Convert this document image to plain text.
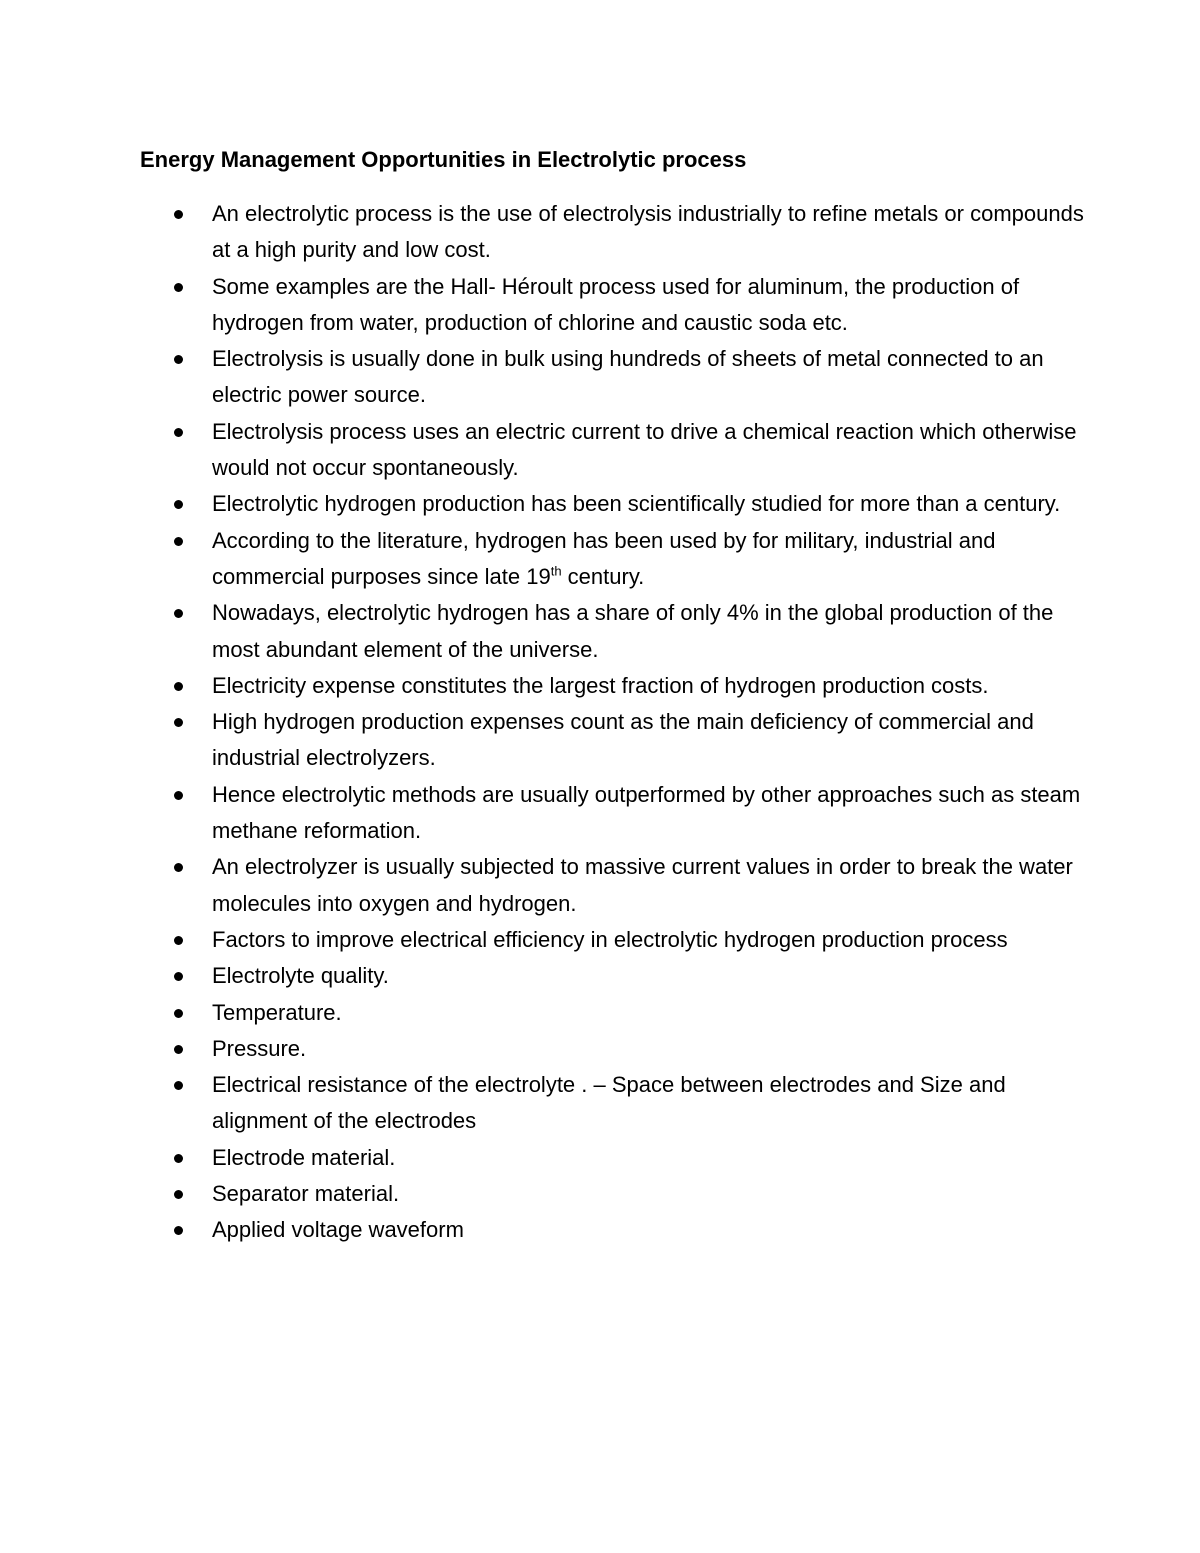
Energy Management Opportunities in Electrolytic process
An electrolytic process is the use of electrolysis industrially to refine metals or compounds at a high purity and low cost.
Some examples are the Hall- Héroult process used for aluminum, the production of hydrogen from water, production of chlorine and caustic soda etc.
Electrolysis is usually done in bulk using hundreds of sheets of metal connected to an electric power source.
Electrolysis process uses an electric current to drive a chemical reaction which otherwise would not occur spontaneously.
Electrolytic hydrogen production has been scientifically studied for more than a century.
According to the literature, hydrogen has been used by for military, industrial and commercial purposes since late 19th century.
Nowadays, electrolytic hydrogen has a share of only 4% in the global production of the most abundant element of the universe.
Electricity expense constitutes the largest fraction of hydrogen production costs.
High hydrogen production expenses count as the main deficiency of commercial and industrial electrolyzers.
Hence electrolytic methods are usually outperformed by other approaches such as steam methane reformation.
An electrolyzer is usually subjected to massive current values in order to break the water molecules into oxygen and hydrogen.
Factors to improve electrical efficiency in electrolytic hydrogen production process
Electrolyte quality.
Temperature.
Pressure.
Electrical resistance of the electrolyte . – Space between electrodes and Size and alignment of the electrodes
Electrode material.
Separator material.
Applied voltage waveform
